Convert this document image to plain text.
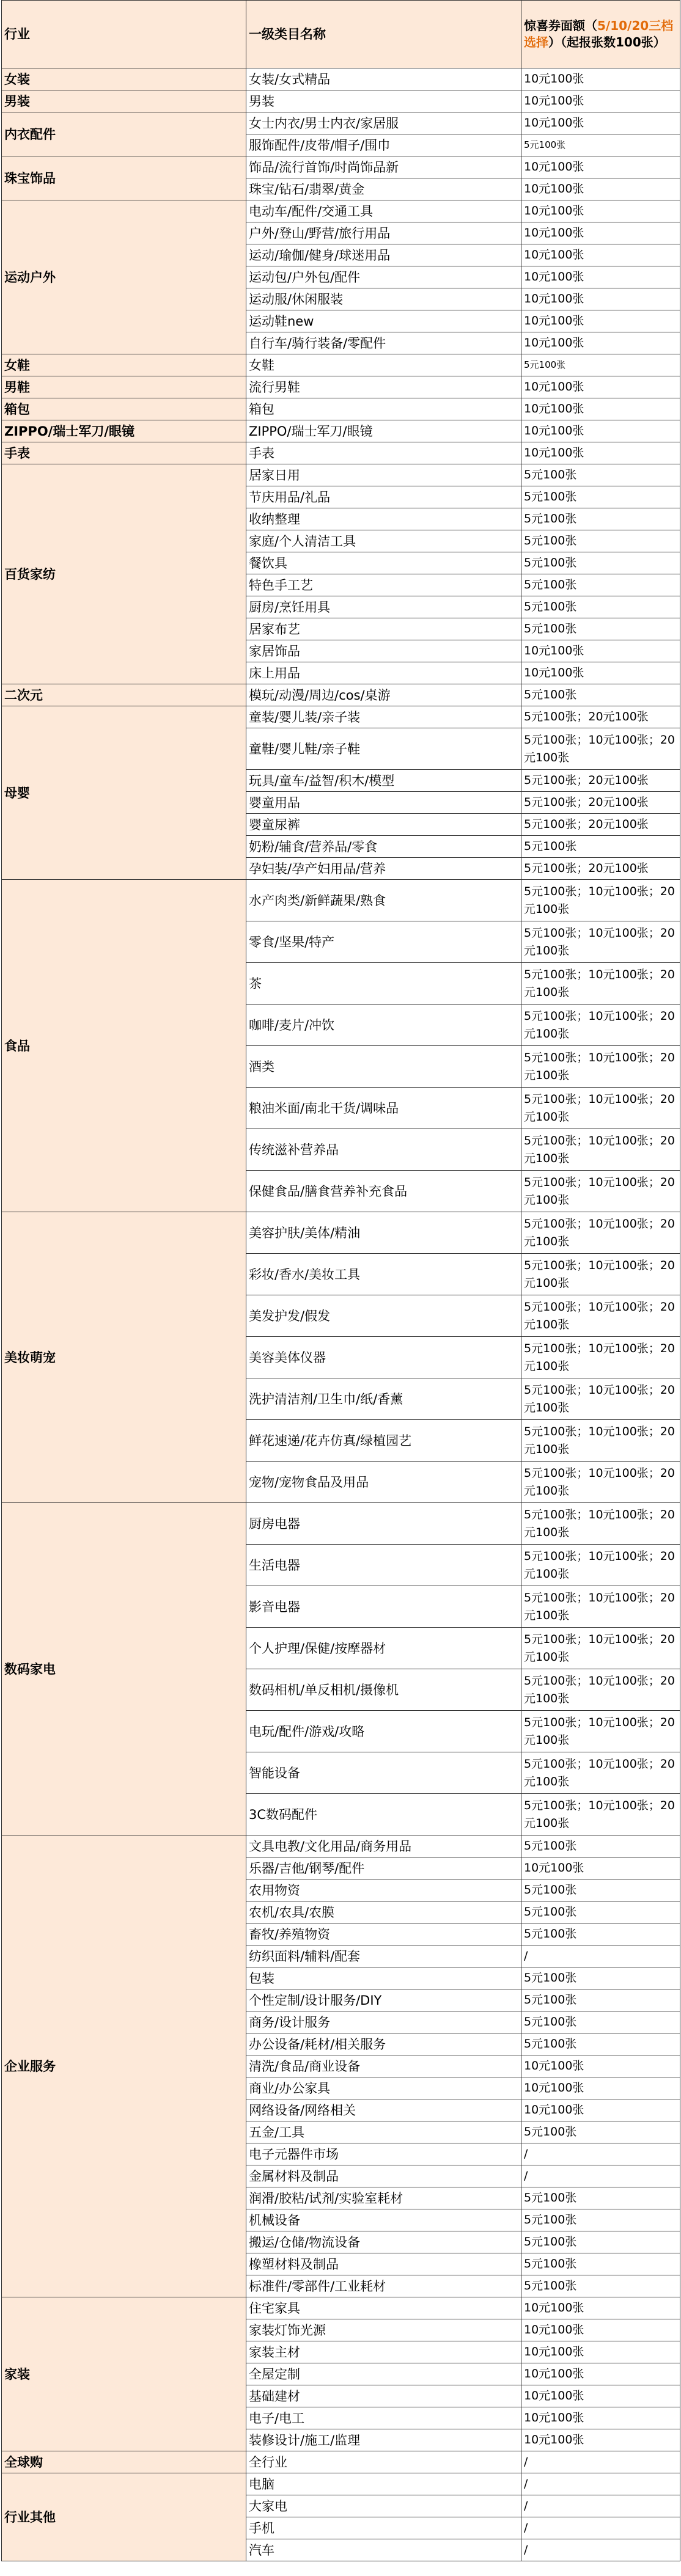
行业	一级类目名称	惊喜券面额（5/10/20三档选择）（起报张数100张）
女装	女装/女式精品	10元100张
男装	男装	10元100张
内衣配件	女士内衣/男士内衣/家居服	10元100张
	服饰配件/皮带/帽子/围巾	5元100张
珠宝饰品	饰品/流行首饰/时尚饰品新	10元100张
	珠宝/钻石/翡翠/黄金	10元100张
运动户外	电动车/配件/交通工具	10元100张
	户外/登山/野营/旅行用品	10元100张
	运动/瑜伽/健身/球迷用品	10元100张
	运动包/户外包/配件	10元100张
	运动服/休闲服装	10元100张
	运动鞋new	10元100张
	自行车/骑行装备/零配件	10元100张
女鞋	女鞋	5元100张
男鞋	流行男鞋	10元100张
箱包	箱包	10元100张
ZIPPO/瑞士军刀/眼镜	ZIPPO/瑞士军刀/眼镜	10元100张
手表	手表	10元100张
百货家纺	居家日用	5元100张
	节庆用品/礼品	5元100张
	收纳整理	5元100张
	家庭/个人清洁工具	5元100张
	餐饮具	5元100张
	特色手工艺	5元100张
	厨房/烹饪用具	5元100张
	居家布艺	5元100张
	家居饰品	10元100张
	床上用品	10元100张
二次元	模玩/动漫/周边/cos/桌游	5元100张
母婴	童装/婴儿装/亲子装	5元100张；20元100张
	童鞋/婴儿鞋/亲子鞋	5元100张；10元100张；20元100张
	玩具/童车/益智/积木/模型	5元100张；20元100张
	婴童用品	5元100张；20元100张
	婴童尿裤	5元100张；20元100张
	奶粉/辅食/营养品/零食	5元100张
	孕妇装/孕产妇用品/营养	5元100张；20元100张
食品	水产肉类/新鲜蔬果/熟食	5元100张；10元100张；20元100张
	零食/坚果/特产	5元100张；10元100张；20元100张
	茶	5元100张；10元100张；20元100张
	咖啡/麦片/冲饮	5元100张；10元100张；20元100张
	酒类	5元100张；10元100张；20元100张
	粮油米面/南北干货/调味品	5元100张；10元100张；20元100张
	传统滋补营养品	5元100张；10元100张；20元100张
	保健食品/膳食营养补充食品	5元100张；10元100张；20元100张
美妆萌宠	美容护肤/美体/精油	5元100张；10元100张；20元100张
	彩妆/香水/美妆工具	5元100张；10元100张；20元100张
	美发护发/假发	5元100张；10元100张；20元100张
	美容美体仪器	5元100张；10元100张；20元100张
	洗护清洁剂/卫生巾/纸/香薰	5元100张；10元100张；20元100张
	鲜花速递/花卉仿真/绿植园艺	5元100张；10元100张；20元100张
	宠物/宠物食品及用品	5元100张；10元100张；20元100张
数码家电	厨房电器	5元100张；10元100张；20元100张
	生活电器	5元100张；10元100张；20元100张
	影音电器	5元100张；10元100张；20元100张
	个人护理/保健/按摩器材	5元100张；10元100张；20元100张
	数码相机/单反相机/摄像机	5元100张；10元100张；20元100张
	电玩/配件/游戏/攻略	5元100张；10元100张；20元100张
	智能设备	5元100张；10元100张；20元100张
	3C数码配件	5元100张；10元100张；20元100张
企业服务	文具电教/文化用品/商务用品	5元100张
	乐器/吉他/钢琴/配件	10元100张
	农用物资	5元100张
	农机/农具/农膜	5元100张
	畜牧/养殖物资	5元100张
	纺织面料/辅料/配套	/
	包装	5元100张
	个性定制/设计服务/DIY	5元100张
	商务/设计服务	5元100张
	办公设备/耗材/相关服务	5元100张
	清洗/食品/商业设备	10元100张
	商业/办公家具	10元100张
	网络设备/网络相关	10元100张
	五金/工具	5元100张
	电子元器件市场	/
	金属材料及制品	/
	润滑/胶粘/试剂/实验室耗材	5元100张
	机械设备	5元100张
	搬运/仓储/物流设备	5元100张
	橡塑材料及制品	5元100张
	标准件/零部件/工业耗材	5元100张
家装	住宅家具	10元100张
	家装灯饰光源	10元100张
	家装主材	10元100张
	全屋定制	10元100张
	基础建材	10元100张
	电子/电工	10元100张
	装修设计/施工/监理	10元100张
全球购	全行业	/
行业其他	电脑	/
	大家电	/
	手机	/
	汽车	/
